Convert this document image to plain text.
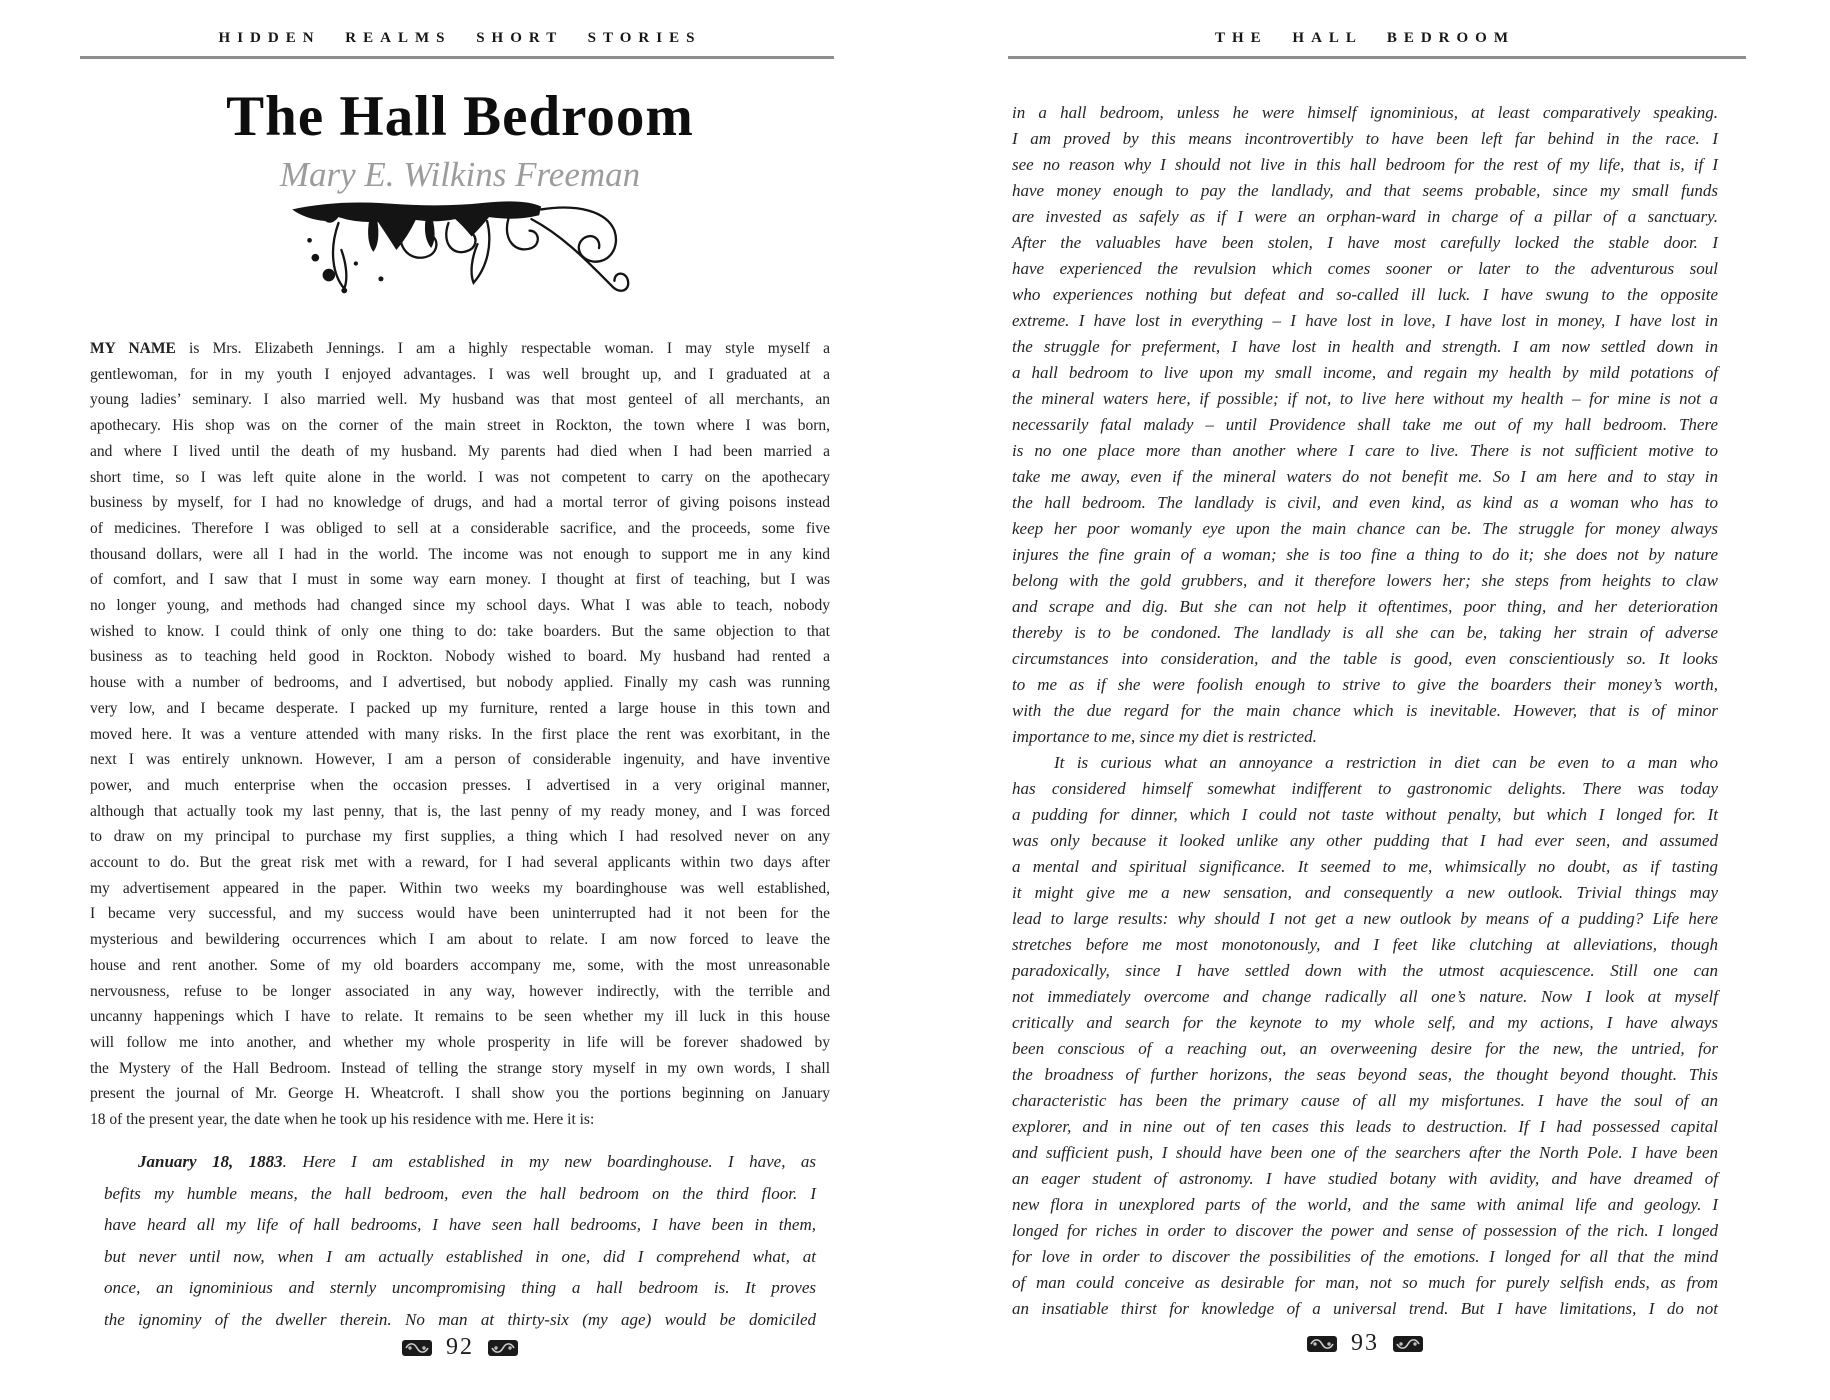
HIDDEN REALMS SHORT STORIES
The Hall Bedroom
Mary E. Wilkins Freeman
MY NAME is Mrs. Elizabeth Jennings. I am a highly respectable woman. I may style myself a
gentlewoman, for in my youth I enjoyed advantages. I was well brought up, and I graduated at a
young ladies’ seminary. I also married well. My husband was that most genteel of all merchants, an
apothecary. His shop was on the corner of the main street in Rockton, the town where I was born,
and where I lived until the death of my husband. My parents had died when I had been married a
short time, so I was left quite alone in the world. I was not competent to carry on the apothecary
business by myself, for I had no knowledge of drugs, and had a mortal terror of giving poisons instead
of medicines. Therefore I was obliged to sell at a considerable sacrifice, and the proceeds, some five
thousand dollars, were all I had in the world. The income was not enough to support me in any kind
of comfort, and I saw that I must in some way earn money. I thought at first of teaching, but I was
no longer young, and methods had changed since my school days. What I was able to teach, nobody
wished to know. I could think of only one thing to do: take boarders. But the same objection to that
business as to teaching held good in Rockton. Nobody wished to board. My husband had rented a
house with a number of bedrooms, and I advertised, but nobody applied. Finally my cash was running
very low, and I became desperate. I packed up my furniture, rented a large house in this town and
moved here. It was a venture attended with many risks. In the first place the rent was exorbitant, in the
next I was entirely unknown. However, I am a person of considerable ingenuity, and have inventive
power, and much enterprise when the occasion presses. I advertised in a very original manner,
although that actually took my last penny, that is, the last penny of my ready money, and I was forced
to draw on my principal to purchase my first supplies, a thing which I had resolved never on any
account to do. But the great risk met with a reward, for I had several applicants within two days after
my advertisement appeared in the paper. Within two weeks my boardinghouse was well established,
I became very successful, and my success would have been uninterrupted had it not been for the
mysterious and bewildering occurrences which I am about to relate. I am now forced to leave the
house and rent another. Some of my old boarders accompany me, some, with the most unreasonable
nervousness, refuse to be longer associated in any way, however indirectly, with the terrible and
uncanny happenings which I have to relate. It remains to be seen whether my ill luck in this house
will follow me into another, and whether my whole prosperity in life will be forever shadowed by
the Mystery of the Hall Bedroom. Instead of telling the strange story myself in my own words, I shall
present the journal of Mr. George H. Wheatcroft. I shall show you the portions beginning on January
18 of the present year, the date when he took up his residence with me. Here it is:
January 18, 1883. Here I am established in my new boardinghouse. I have, as
befits my humble means, the hall bedroom, even the hall bedroom on the third floor. I
have heard all my life of hall bedrooms, I have seen hall bedrooms, I have been in them,
but never until now, when I am actually established in one, did I comprehend what, at
once, an ignominious and sternly uncompromising thing a hall bedroom is. It proves
the ignominy of the dweller therein. No man at thirty-six (my age) would be domiciled
92
THE HALL BEDROOM
in a hall bedroom, unless he were himself ignominious, at least comparatively speaking.
I am proved by this means incontrovertibly to have been left far behind in the race. I
see no reason why I should not live in this hall bedroom for the rest of my life, that is, if I
have money enough to pay the landlady, and that seems probable, since my small funds
are invested as safely as if I were an orphan-ward in charge of a pillar of a sanctuary.
After the valuables have been stolen, I have most carefully locked the stable door. I
have experienced the revulsion which comes sooner or later to the adventurous soul
who experiences nothing but defeat and so-called ill luck. I have swung to the opposite
extreme. I have lost in everything – I have lost in love, I have lost in money, I have lost in
the struggle for preferment, I have lost in health and strength. I am now settled down in
a hall bedroom to live upon my small income, and regain my health by mild potations of
the mineral waters here, if possible; if not, to live here without my health – for mine is not a
necessarily fatal malady – until Providence shall take me out of my hall bedroom. There
is no one place more than another where I care to live. There is not sufficient motive to
take me away, even if the mineral waters do not benefit me. So I am here and to stay in
the hall bedroom. The landlady is civil, and even kind, as kind as a woman who has to
keep her poor womanly eye upon the main chance can be. The struggle for money always
injures the fine grain of a woman; she is too fine a thing to do it; she does not by nature
belong with the gold grubbers, and it therefore lowers her; she steps from heights to claw
and scrape and dig. But she can not help it oftentimes, poor thing, and her deterioration
thereby is to be condoned. The landlady is all she can be, taking her strain of adverse
circumstances into consideration, and the table is good, even conscientiously so. It looks
to me as if she were foolish enough to strive to give the boarders their money’s worth,
with the due regard for the main chance which is inevitable. However, that is of minor
importance to me, since my diet is restricted.
It is curious what an annoyance a restriction in diet can be even to a man who
has considered himself somewhat indifferent to gastronomic delights. There was today
a pudding for dinner, which I could not taste without penalty, but which I longed for. It
was only because it looked unlike any other pudding that I had ever seen, and assumed
a mental and spiritual significance. It seemed to me, whimsically no doubt, as if tasting
it might give me a new sensation, and consequently a new outlook. Trivial things may
lead to large results: why should I not get a new outlook by means of a pudding? Life here
stretches before me most monotonously, and I feet like clutching at alleviations, though
paradoxically, since I have settled down with the utmost acquiescence. Still one can
not immediately overcome and change radically all one’s nature. Now I look at myself
critically and search for the keynote to my whole self, and my actions, I have always
been conscious of a reaching out, an overweening desire for the new, the untried, for
the broadness of further horizons, the seas beyond seas, the thought beyond thought. This
characteristic has been the primary cause of all my misfortunes. I have the soul of an
explorer, and in nine out of ten cases this leads to destruction. If I had possessed capital
and sufficient push, I should have been one of the searchers after the North Pole. I have been
an eager student of astronomy. I have studied botany with avidity, and have dreamed of
new flora in unexplored parts of the world, and the same with animal life and geology. I
longed for riches in order to discover the power and sense of possession of the rich. I longed
for love in order to discover the possibilities of the emotions. I longed for all that the mind
of man could conceive as desirable for man, not so much for purely selfish ends, as from
an insatiable thirst for knowledge of a universal trend. But I have limitations, I do not
93
